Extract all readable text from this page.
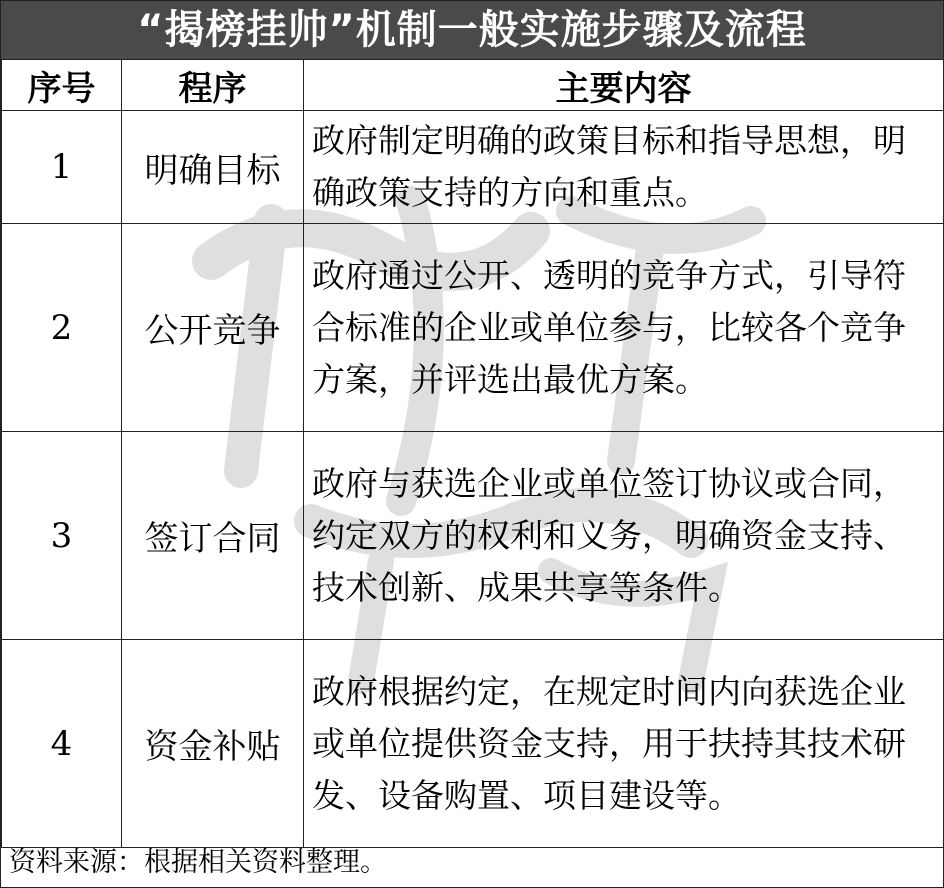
“揭榜挂帅”机制一般实施步骤及流程
序号	程序	主要内容
1	明确目标	政府制定明确的政策目标和指导思想，明确政策支持的方向和重点。
2	公开竞争	政府通过公开、透明的竞争方式，引导符合标准的企业或单位参与，比较各个竞争方案，并评选出最优方案。
3	签订合同	政府与获选企业或单位签订协议或合同，约定双方的权利和义务，明确资金支持、技术创新、成果共享等条件。
4	资金补贴	政府根据约定，在规定时间内向获选企业或单位提供资金支持，用于扶持其技术研发、设备购置、项目建设等。
资料来源：根据相关资料整理。
